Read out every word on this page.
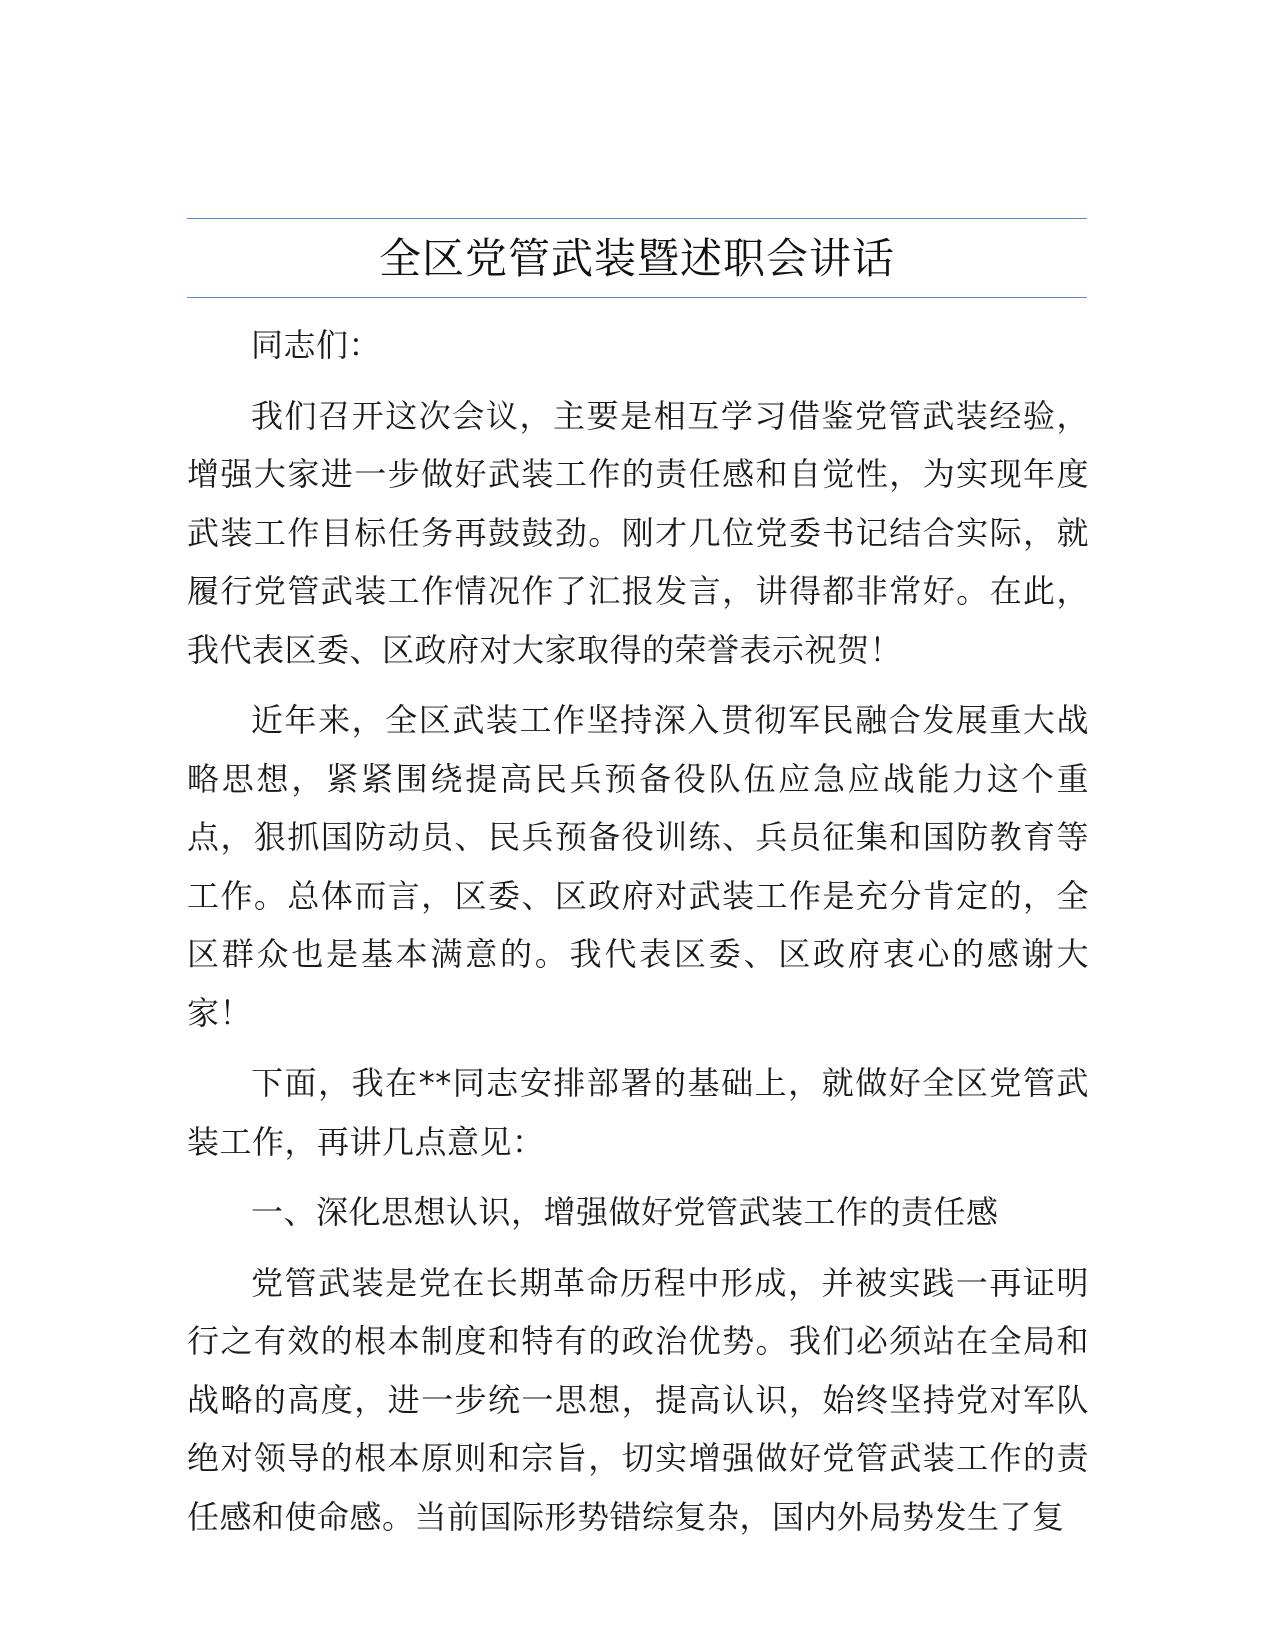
全区党管武装暨述职会讲话

同志们：

我们召开这次会议，主要是相互学习借鉴党管武装经验，增强大家进一步做好武装工作的责任感和自觉性，为实现年度武装工作目标任务再鼓鼓劲。刚才几位党委书记结合实际，就履行党管武装工作情况作了汇报发言，讲得都非常好。在此，我代表区委、区政府对大家取得的荣誉表示祝贺！

近年来，全区武装工作坚持深入贯彻军民融合发展重大战略思想，紧紧围绕提高民兵预备役队伍应急应战能力这个重点，狠抓国防动员、民兵预备役训练、兵员征集和国防教育等工作。总体而言，区委、区政府对武装工作是充分肯定的，全区群众也是基本满意的。我代表区委、区政府衷心的感谢大家！

下面，我在**同志安排部署的基础上，就做好全区党管武装工作，再讲几点意见：

一、深化思想认识，增强做好党管武装工作的责任感

党管武装是党在长期革命历程中形成，并被实践一再证明行之有效的根本制度和特有的政治优势。我们必须站在全局和战略的高度，进一步统一思想，提高认识，始终坚持党对军队绝对领导的根本原则和宗旨，切实增强做好党管武装工作的责任感和使命感。当前国际形势错综复杂，国内外局势发生了复
